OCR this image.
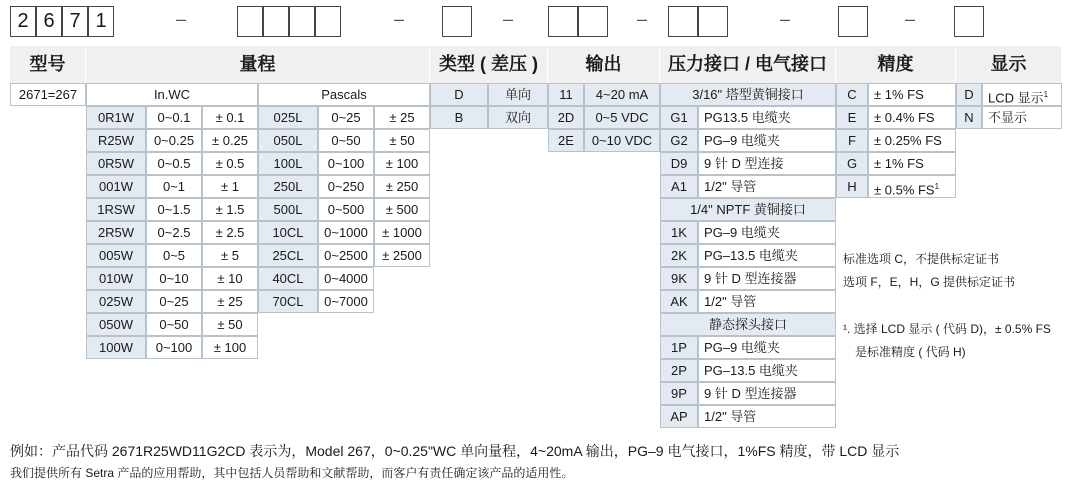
2 6 7 1	–	–	–	–	–	–
型号	量程	类型 ( 差压 )	输出	压力接口 / 电气接口	精度	显示
2671=267	In.WC	Pascals
0R1W	0~0.1	± 0.1
R25W	0~0.25	± 0.25
0R5W	0~0.5	± 0.5
001W	0~1	± 1
1RSW	0~1.5	± 1.5
2R5W	0~2.5	± 2.5
005W	0~5	± 5
010W	0~10	± 10
025W	0~25	± 25
050W	0~50	± 50
100W	0~100	± 100
025L	0~25	± 25
050L	0~50	± 50
100L	0~100	± 100
250L	0~250	± 250
500L	0~500	± 500
10CL	0~1000	± 1000
25CL	0~2500	± 2500
40CL	0~4000
70CL	0~7000
D	单向
B	双向
11	4~20 mA
2D	0~5 VDC
2E	0~10 VDC
3/16" 塔型黄铜接口
G1	PG13.5 电缆夹
G2	PG–9 电缆夹
D9	9 针 D 型连接
A1	1/2" 导管
1/4" NPTF 黄铜接口
1K	PG–9 电缆夹
2K	PG–13.5 电缆夹
9K	9 针 D 型连接器
AK	1/2" 导管
静态探头接口
1P	PG–9 电缆夹
2P	PG–13.5 电缆夹
9P	9 针 D 型连接器
AP	1/2" 导管
C	± 1% FS
E	± 0.4% FS
F	± 0.25% FS
G	± 1% FS
H	± 0.5% $FS^1$
D	LCD 显示$^1$
N	不显示
标准选项 C，不提供标定证书
选项 F，E，H，G 提供标定证书
¹. 选择 LCD 显示 ( 代码 D)，± 0.5% FS
是标准精度 ( 代码 H)
例如：产品代码 2671R25WD11G2CD 表示为，Model 267，0~0.25"WC 单向量程，4~20mA 输出，PG–9 电气接口，1%FS 精度，带 LCD 显示
我们提供所有 Setra 产品的应用帮助，其中包括人员帮助和文献帮助，而客户有责任确定该产品的适用性。
